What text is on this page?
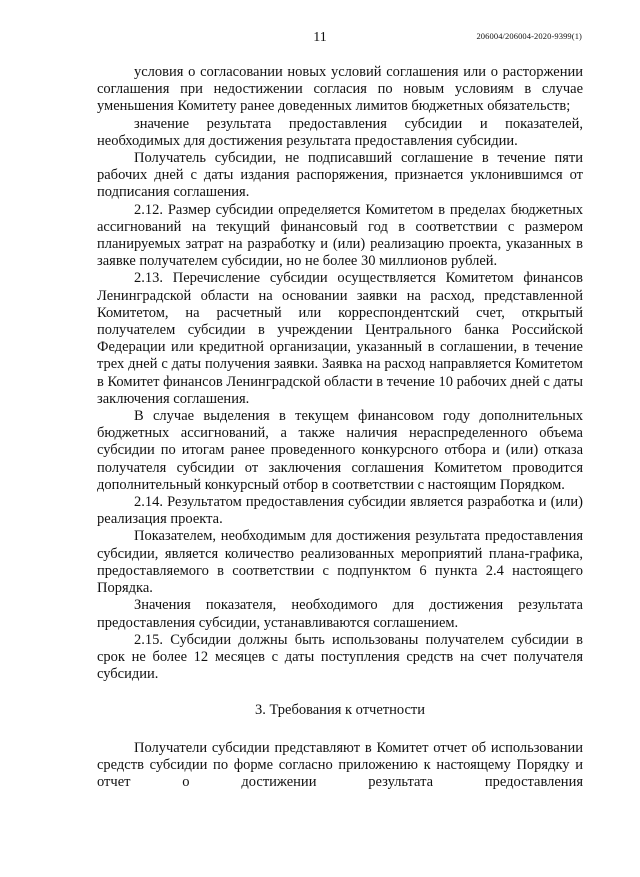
11	206004/206004-2020-9399(1)

условия о согласовании новых условий соглашения или о расторжении соглашения при недостижении согласия по новым условиям в случае уменьшения Комитету ранее доведенных лимитов бюджетных обязательств;

значение результата предоставления субсидии и показателей, необходимых для достижения результата предоставления субсидии.

Получатель субсидии, не подписавший соглашение в течение пяти рабочих дней с даты издания распоряжения, признается уклонившимся от подписания соглашения.

2.12. Размер субсидии определяется Комитетом в пределах бюджетных ассигнований на текущий финансовый год в соответствии с размером планируемых затрат на разработку и (или) реализацию проекта, указанных в заявке получателем субсидии, но не более 30 миллионов рублей.

2.13. Перечисление субсидии осуществляется Комитетом финансов Ленинградской области на основании заявки на расход, представленной Комитетом, на расчетный или корреспондентский счет, открытый получателем субсидии в учреждении Центрального банка Российской Федерации или кредитной организации, указанный в соглашении, в течение трех дней с даты получения заявки. Заявка на расход направляется Комитетом в Комитет финансов Ленинградской области в течение 10 рабочих дней с даты заключения соглашения.

В случае выделения в текущем финансовом году дополнительных бюджетных ассигнований, а также наличия нераспределенного объема субсидии по итогам ранее проведенного конкурсного отбора и (или) отказа получателя субсидии от заключения соглашения Комитетом проводится дополнительный конкурсный отбор в соответствии с настоящим Порядком.

2.14. Результатом предоставления субсидии является разработка и (или) реализация проекта.

Показателем, необходимым для достижения результата предоставления субсидии, является количество реализованных мероприятий плана-графика, предоставляемого в соответствии с подпунктом 6 пункта 2.4 настоящего Порядка.

Значения показателя, необходимого для достижения результата предоставления субсидии, устанавливаются соглашением.

2.15. Субсидии должны быть использованы получателем субсидии в срок не более 12 месяцев с даты поступления средств на счет получателя субсидии.

3. Требования к отчетности

Получатели субсидии представляют в Комитет отчет об использовании средств субсидии по форме согласно приложению к настоящему Порядку и отчет о достижении результата предоставления
